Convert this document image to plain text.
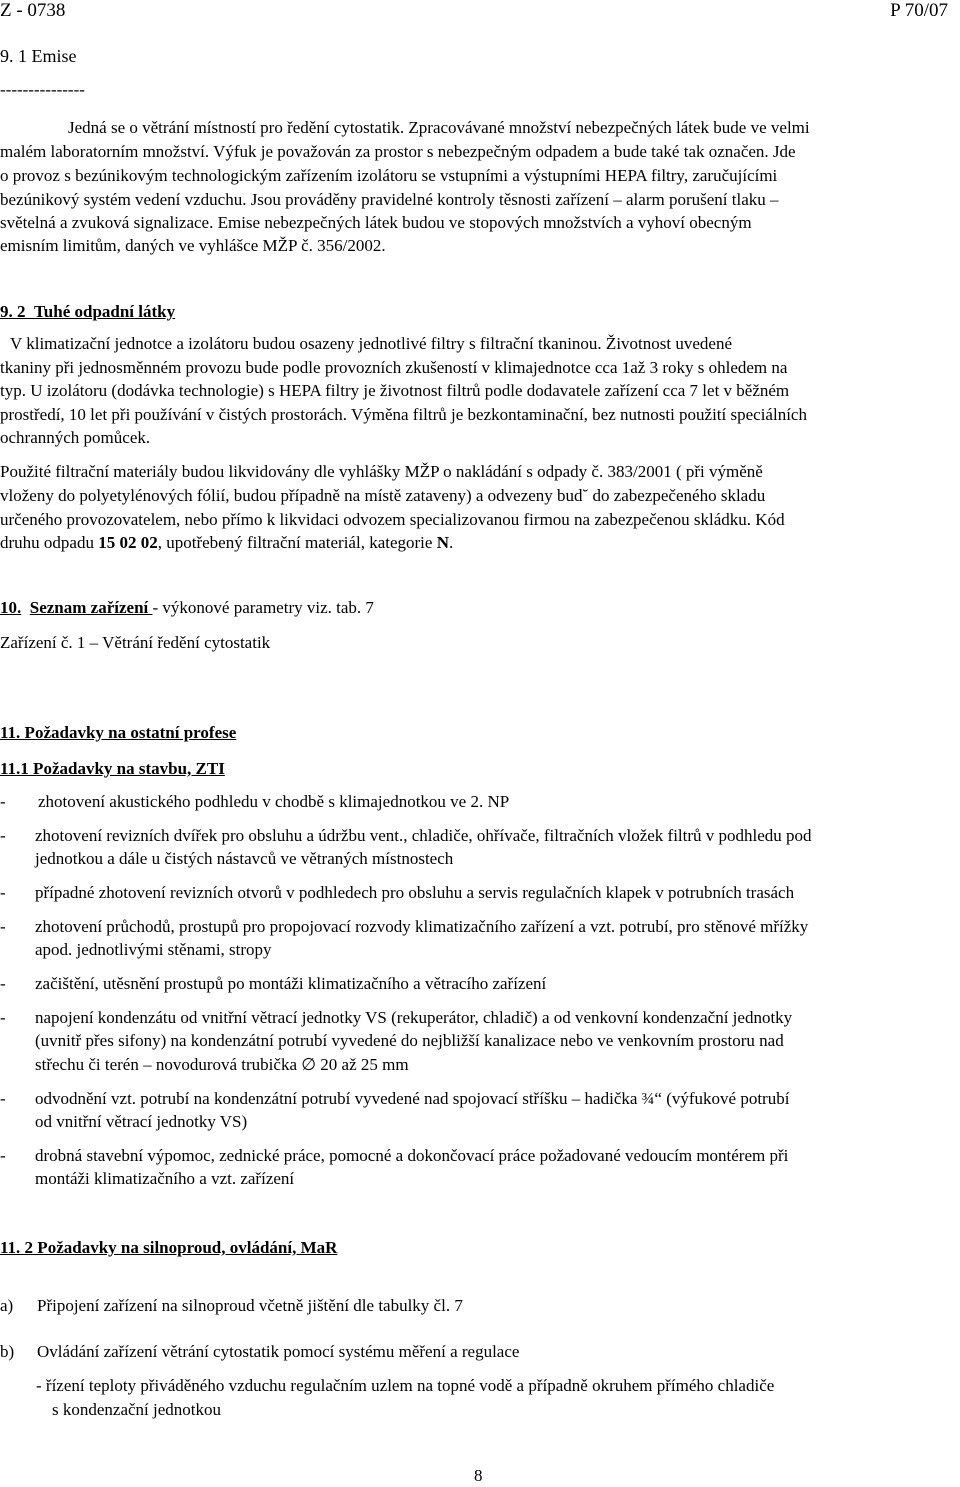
Z - 0738	P 70/07
9. 1 Emise
---------------
Jedná se o větrání místností pro ředění cytostatik. Zpracovávané množství nebezpečných látek bude ve velmi
malém laboratorním množství. Výfuk je považován za prostor s nebezpečným odpadem a bude také tak označen. Jde
o provoz s bezúnikovým technologickým zařízením izolátoru se vstupními a výstupními HEPA filtry, zaručujícími
bezúnikový systém vedení vzduchu. Jsou prováděny pravidelné kontroly těsnosti zařízení – alarm porušení tlaku –
světelná a zvuková signalizace. Emise nebezpečných látek budou ve stopových množstvích a vyhoví obecným
emisním limitům, daných ve vyhlášce MŽP č. 356/2002.
9. 2 Tuhé odpadní látky
V klimatizační jednotce a izolátoru budou osazeny jednotlivé filtry s filtrační tkaninou. Životnost uvedené
tkaniny při jednosměnném provozu bude podle provozních zkušeností v klimajednotce cca 1až 3 roky s ohledem na
typ. U izolátoru (dodávka technologie) s HEPA filtry je životnost filtrů podle dodavatele zařízení cca 7 let v běžném
prostředí, 10 let při používání v čistých prostorách. Výměna filtrů je bezkontaminační, bez nutnosti použití speciálních
ochranných pomůcek.
Použité filtrační materiály budou likvidovány dle vyhlášky MŽP o nakládání s odpady č. 383/2001 ( při výměně
vloženy do polyetylénových fólií, budou případně na místě zataveny) a odvezeny bud˘ do zabezpečeného skladu
určeného provozovatelem, nebo přímo k likvidaci odvozem specializovanou firmou na zabezpečenou skládku. Kód
druhu odpadu 15 02 02, upotřebený filtrační materiál, kategorie N.
10. Seznam zařízení - výkonové parametry viz. tab. 7
Zařízení č. 1 – Větrání ředění cytostatik
11. Požadavky na ostatní profese
11.1 Požadavky na stavbu, ZTI
- zhotovení akustického podhledu v chodbě s klimajednotkou ve 2. NP
- zhotovení revizních dvířek pro obsluhu a údržbu vent., chladiče, ohřívače, filtračních vložek filtrů v podhledu pod
jednotkou a dále u čistých nástavců ve větraných místnostech
- případné zhotovení revizních otvorů v podhledech pro obsluhu a servis regulačních klapek v potrubních trasách
- zhotovení průchodů, prostupů pro propojovací rozvody klimatizačního zařízení a vzt. potrubí, pro stěnové mřížky
apod. jednotlivými stěnami, stropy
- začištění, utěsnění prostupů po montáži klimatizačního a větracího zařízení
- napojení kondenzátu od vnitřní větrací jednotky VS (rekuperátor, chladič) a od venkovní kondenzační jednotky
(uvnitř přes sifony) na kondenzátní potrubí vyvedené do nejbližší kanalizace nebo ve venkovním prostoru nad
střechu či terén – novodurová trubička ∅ 20 až 25 mm
- odvodnění vzt. potrubí na kondenzátní potrubí vyvedené nad spojovací stříšku – hadička ¾“ (výfukové potrubí
od vnitřní větrací jednotky VS)
- drobná stavební výpomoc, zednické práce, pomocné a dokončovací práce požadované vedoucím montérem při
montáži klimatizačního a vzt. zařízení
11. 2 Požadavky na silnoproud, ovládání, MaR
a) Připojení zařízení na silnoproud včetně jištění dle tabulky čl. 7
b) Ovládání zařízení větrání cytostatik pomocí systému měření a regulace
- řízení teploty přiváděného vzduchu regulačním uzlem na topné vodě a případně okruhem přímého chladiče
s kondenzační jednotkou
8
